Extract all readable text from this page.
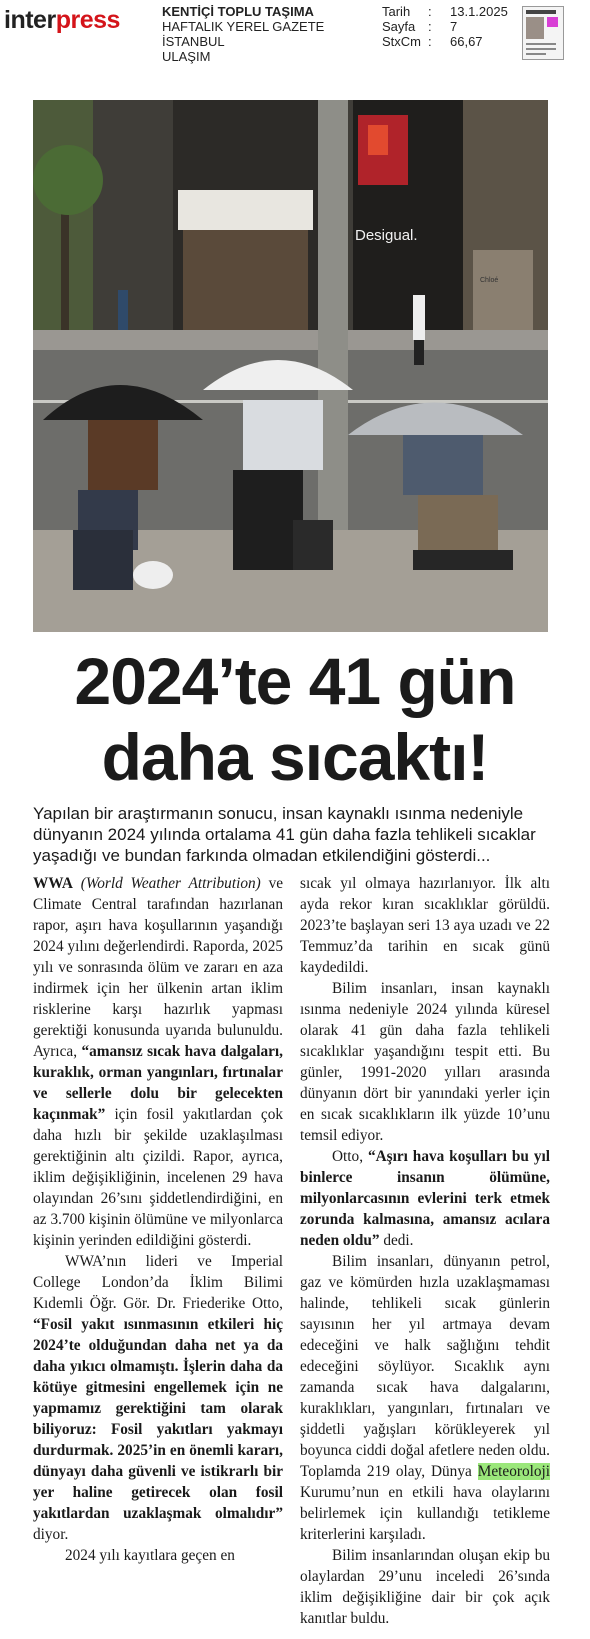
interpress	KENTİÇİ TOPLU TAŞIMA
HAFTALIK YEREL GAZETE
İSTANBUL
ULAŞIM
Tarih : 13.1.2025
Sayfa : 7
StxCm : 66,67
Desigual.
Chloé
2024’te 41 gün
daha sıcaktı!
Yapılan bir araştırmanın sonucu, insan kaynaklı ısınma nedeniyle dünyanın 2024 yılında ortalama 41 gün daha fazla tehlikeli sıcaklar yaşadığı ve bundan farkında olmadan etkilendiğini gösterdi...

WWA (World Weather Attribution) ve Climate Central tarafından hazırlanan rapor, aşırı hava koşullarının yaşandığı 2024 yılını değerlendirdi. Raporda, 2025 yılı ve sonrasında ölüm ve zararı en aza indirmek için her ülkenin artan iklim risklerine karşı hazırlık yapması gerektiği konusunda uyarıda bulunuldu. Ayrıca, “amansız sıcak hava dalgaları, kuraklık, orman yangınları, fırtınalar ve sellerle dolu bir gelecekten kaçınmak” için fosil yakıtlardan çok daha hızlı bir şekilde uzaklaşılması gerektiğinin altı çizildi. Rapor, ayrıca, iklim değişikliğinin, incelenen 29 hava olayından 26’sını şiddetlendirdiğini, en az 3.700 kişinin ölümüne ve milyonlarca kişinin yerinden edildiğini gösterdi.

WWA’nın lideri ve Imperial College London’da İklim Bilimi Kıdemli Öğr. Gör. Dr. Friederike Otto, “Fosil yakıt ısınmasının etkileri hiç 2024’te olduğundan daha net ya da daha yıkıcı olmamıştı. İşlerin daha da kötüye gitmesini engellemek için ne yapmamız gerektiğini tam olarak biliyoruz: Fosil yakıtları yakmayı durdurmak. 2025’in en önemli kararı, dünyayı daha güvenli ve istikrarlı bir yer haline getirecek olan fosil yakıtlardan uzaklaşmak olmalıdır” diyor.

2024 yılı kayıtlara geçen en

sıcak yıl olmaya hazırlanıyor. İlk altı ayda rekor kıran sıcaklıklar görüldü. 2023’te başlayan seri 13 aya uzadı ve 22 Temmuz’da tarihin en sıcak günü kaydedildi.

Bilim insanları, insan kaynaklı ısınma nedeniyle 2024 yılında küresel olarak 41 gün daha fazla tehlikeli sıcaklıklar yaşandığını tespit etti. Bu günler, 1991-2020 yılları arasında dünyanın dört bir yanındaki yerler için en sıcak sıcaklıkların ilk yüzde 10’unu temsil ediyor.

Otto, “Aşırı hava koşulları bu yıl binlerce insanın ölümüne, milyonlarcasının evlerini terk etmek zorunda kalmasına, amansız acılara neden oldu” dedi.

Bilim insanları, dünyanın petrol, gaz ve kömürden hızla uzaklaşmaması halinde, tehlikeli sıcak günlerin sayısının her yıl artmaya devam edeceğini ve halk sağlığını tehdit edeceğini söylüyor. Sıcaklık aynı zamanda sıcak hava dalgalarını, kuraklıkları, yangınları, fırtınaları ve şiddetli yağışları körükleyerek yıl boyunca ciddi doğal afetlere neden oldu. Toplamda 219 olay, Dünya Meteoroloji Kurumu’nun en etkili hava olaylarını belirlemek için kullandığı tetikleme kriterlerini karşıladı.

Bilim insanlarından oluşan ekip bu olaylardan 29’unu inceledi 26’sında iklim değişikliğine dair bir çok açık kanıtlar buldu.
